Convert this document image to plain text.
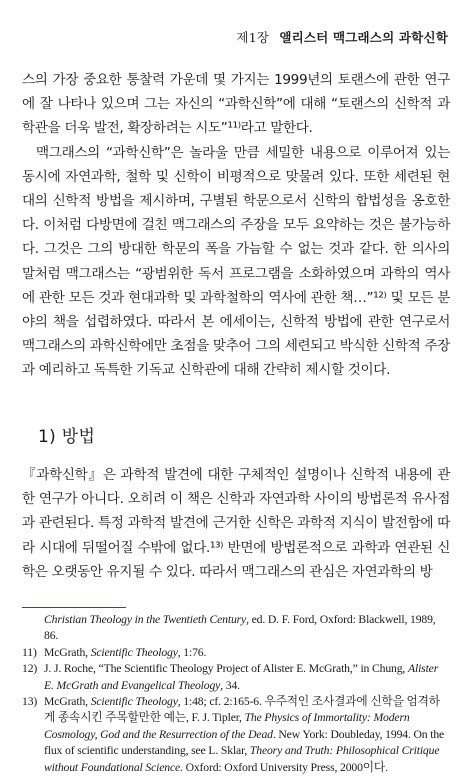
제1장 앨리스터 맥그래스의 과학신학

스의 가장 중요한 통찰력 가운데 몇 가지는 1999년의 토랜스에 관한 연구에 잘 나타나 있으며 그는 자신의 “과학신학”에 대해 “토랜스의 신학적 과학관을 더욱 발전, 확장하려는 시도”¹¹⁾라고 말한다.

맥그래스의 “과학신학”은 놀라울 만큼 세밀한 내용으로 이루어져 있는 동시에 자연과학, 철학 및 신학이 비평적으로 맞물려 있다. 또한 세련된 현대의 신학적 방법을 제시하며, 구별된 학문으로서 신학의 합법성을 옹호한다. 이처럼 다방면에 걸친 맥그래스의 주장을 모두 요약하는 것은 불가능하다. 그것은 그의 방대한 학문의 폭을 가늠할 수 없는 것과 같다. 한 의사의 말처럼 맥그래스는 “광범위한 독서 프로그램을 소화하였으며 과학의 역사에 관한 모든 것과 현대과학 및 과학철학의 역사에 관한 책…”¹²⁾ 및 모든 분야의 책을 섭렵하였다. 따라서 본 에세이는, 신학적 방법에 관한 연구로서 맥그래스의 과학신학에만 초점을 맞추어 그의 세련되고 박식한 신학적 주장과 예리하고 독특한 기독교 신학관에 대해 간략히 제시할 것이다.

1) 방법

『과학신학』은 과학적 발견에 대한 구체적인 설명이나 신학적 내용에 관한 연구가 아니다. 오히려 이 책은 신학과 자연과학 사이의 방법론적 유사점과 관련된다. 특정 과학적 발견에 근거한 신학은 과학적 지식이 발전함에 따라 시대에 뒤떨어질 수밖에 없다.¹³⁾ 반면에 방법론적으로 과학과 연관된 신학은 오랫동안 유지될 수 있다. 따라서 맥그래스의 관심은 자연과학의 방

Christian Theology in the Twentieth Century, ed. D. F. Ford, Oxford: Blackwell, 1989, 86.
11) McGrath, Scientific Theology, 1:76.
12) J. J. Roche, “The Scientific Theology Project of Alister E. McGrath,” in Chung, Alister E. McGrath and Evangelical Theology, 34.
13) McGrath, Scientific Theology, 1:48; cf. 2:165-6. 우주적인 조사결과에 신학을 엄격하게 종속시킨 주목할만한 예는, F. J. Tipler, The Physics of Immortality: Modern Cosmology, God and the Resurrection of the Dead. New York: Doubleday, 1994. On the flux of scientific understanding, see L. Sklar, Theory and Truth: Philosophical Critique without Foundational Science. Oxford: Oxford University Press, 2000이다.
